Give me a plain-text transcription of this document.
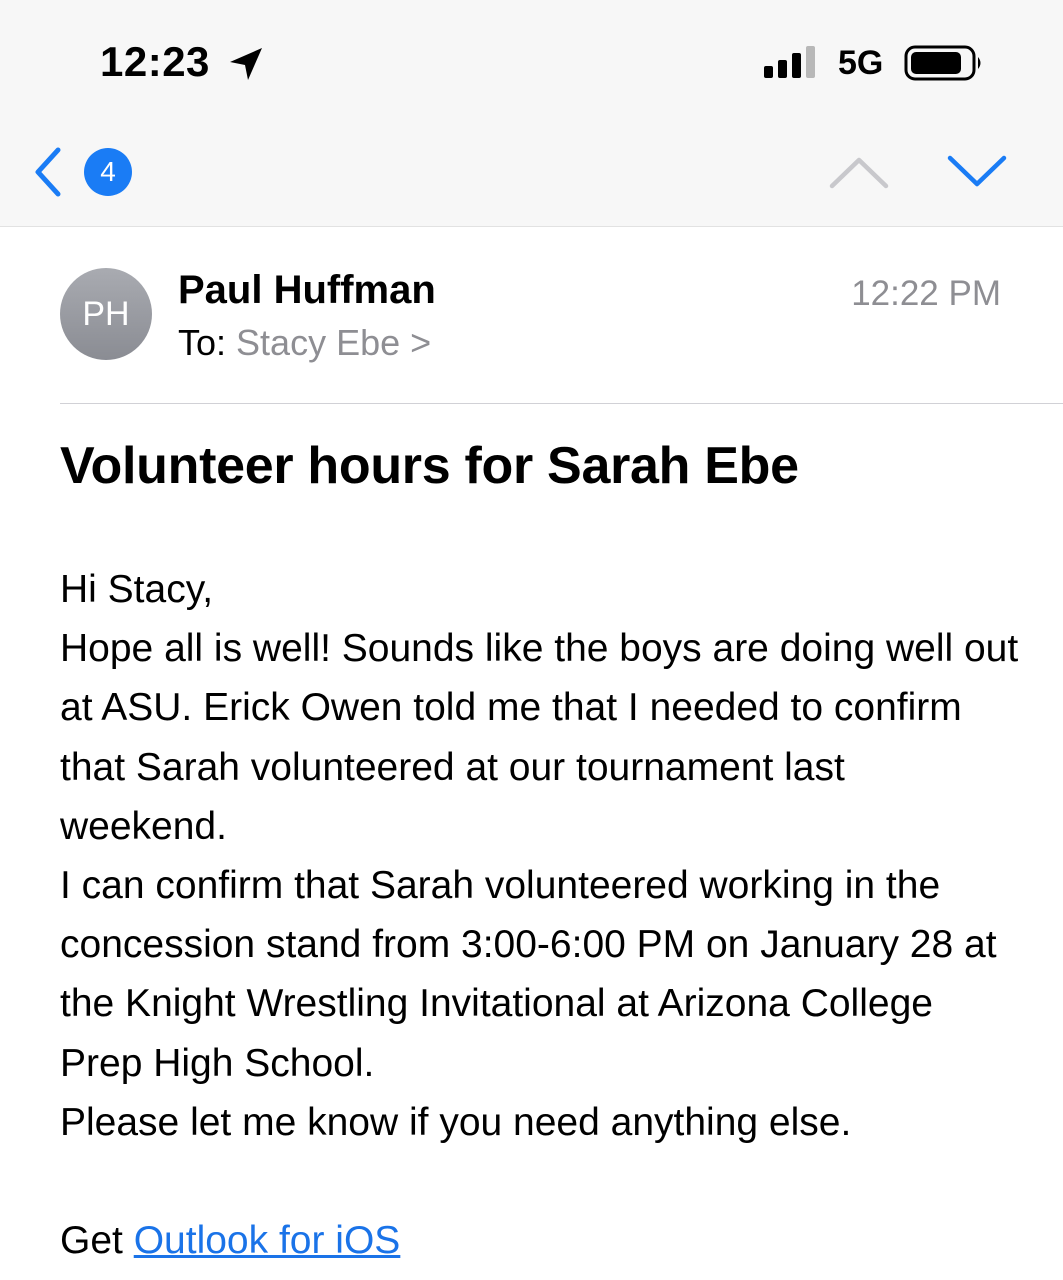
12:23	5G
4
PH
Paul Huffman
To: Stacy Ebe >
12:22 PM
Volunteer hours for Sarah Ebe

Hi Stacy,

Hope all is well! Sounds like the boys are doing well out at ASU. Erick Owen told me that I needed to confirm that Sarah volunteered at our tournament last weekend.

I can confirm that Sarah volunteered working in the concession stand from 3:00-6:00 PM on January 28 at the Knight Wrestling Invitational at Arizona College Prep High School.

Please let me know if you need anything else.

Get Outlook for iOS
